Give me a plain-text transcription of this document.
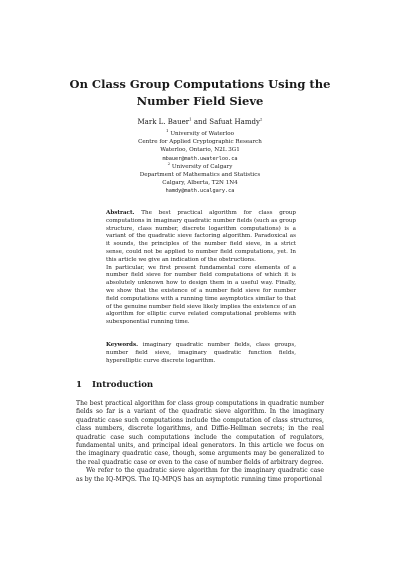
On Class Group Computations Using the
Number Field Sieve
Mark L. Bauer$^1$ and Safuat Hamdy$^2$
$^1$ University of Waterloo
Centre for Applied Cryptographic Research
Waterloo, Ontario, N2L 3G1
mbauer@math.uwaterloo.ca
$^2$ University of Calgary
Department of Mathematics and Statistics
Calgary, Alberta, T2N 1N4
hamdy@math.ucalgary.ca

Abstract. The best practical algorithm for class group computations in imaginary quadratic number fields (such as group structure, class number, discrete logarithm computations) is a variant of the quadratic sieve factoring algorithm. Paradoxical as it sounds, the principles of the number field sieve, in a strict sense, could not be applied to number field computations, yet. In this article we give an indication of the obstructions.

In particular, we first present fundamental core elements of a number field sieve for number field computations of which it is absolutely unknown how to design them in a useful way. Finally, we show that the existence of a number field sieve for number field computations with a running time asymptotics similar to that of the genuine number field sieve likely implies the existence of an algorithm for elliptic curve related computational problems with subexponential running time.

Keywords. imaginary quadratic number fields, class groups, number field sieve, imaginary quadratic function fields, hyperelliptic curve discrete logarithm.
1 Introduction

The best practical algorithm for class group computations in quadratic number fields so far is a variant of the quadratic sieve algorithm. In the imaginary quadratic case such computations include the computation of class structures, class numbers, discrete logarithms, and Diffie-Hellman secrets; in the real quadratic case such computations include the computation of regulators, fundamental units, and principal ideal generators. In this article we focus on the imaginary quadratic case, though, some arguments may be generalized to the real quadratic case or even to the case of number fields of arbitrary degree.

We refer to the quadratic sieve algorithm for the imaginary quadratic case as by the IQ-MPQS. The IQ-MPQS has an asymptotic running time proportional
